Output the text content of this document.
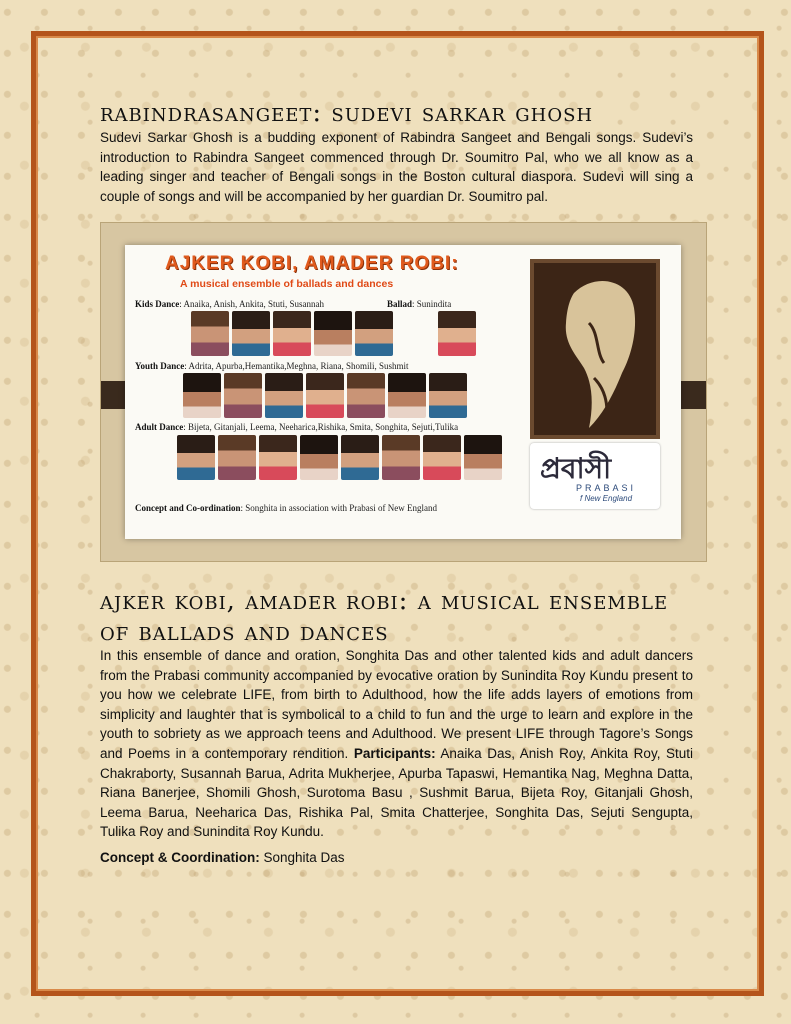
rabindrasangeet: sudevi sarkar ghosh

Sudevi Sarkar Ghosh is a budding exponent of Rabindra Sangeet and Bengali songs. Sudevi’s introduction to Rabindra Sangeet commenced through Dr. Soumitro Pal, who we all know as a leading singer and teacher of Bengali songs in the Boston cultural diaspora. Sudevi will sing a couple of songs and will be accompanied by her guardian Dr. Soumitro pal.

AJKER KOBI, AMADER ROBI:
A musical ensemble of ballads and dances
Kids Dance: Anaika, Anish, Ankita, Stuti, Susannah	Ballad: Sunindita
Youth Dance: Adrita, Apurba,Hemantika,Meghna, Riana, Shomili, Sushmit
Adult Dance: Bijeta, Gitanjali, Leema, Neeharica,Rishika, Smita, Songhita, Sejuti,Tulika
Concept and Co-ordination: Songhita in association with Prabasi of New England
প্রবাসী
PRABASI
f New England
ajker kobi, amader robi: a musical ensemble of ballads and dances

In this ensemble of dance and oration, Songhita Das and other talented kids and adult dancers from the Prabasi community accompanied by evocative oration by Sunindita Roy Kundu present to you how we celebrate LIFE, from birth to Adulthood, how the life adds layers of emotions from simplicity and laughter that is symbolical to a child to fun and the urge to learn and explore in the youth to sobriety as we approach teens and Adulthood. We present LIFE through Tagore’s Songs and Poems in a contemporary rendition. Participants: Anaika Das, Anish Roy, Ankita Roy, Stuti Chakraborty, Susannah Barua, Adrita Mukherjee, Apurba Tapaswi, Hemantika Nag, Meghna Datta, Riana Banerjee, Shomili Ghosh, Surotoma Basu , Sushmit Barua, Bijeta Roy, Gitanjali Ghosh, Leema Barua, Neeharica Das, Rishika Pal, Smita Chatterjee, Songhita Das, Sejuti Sengupta, Tulika Roy and Sunindita Roy Kundu.

Concept & Coordination: Songhita Das
